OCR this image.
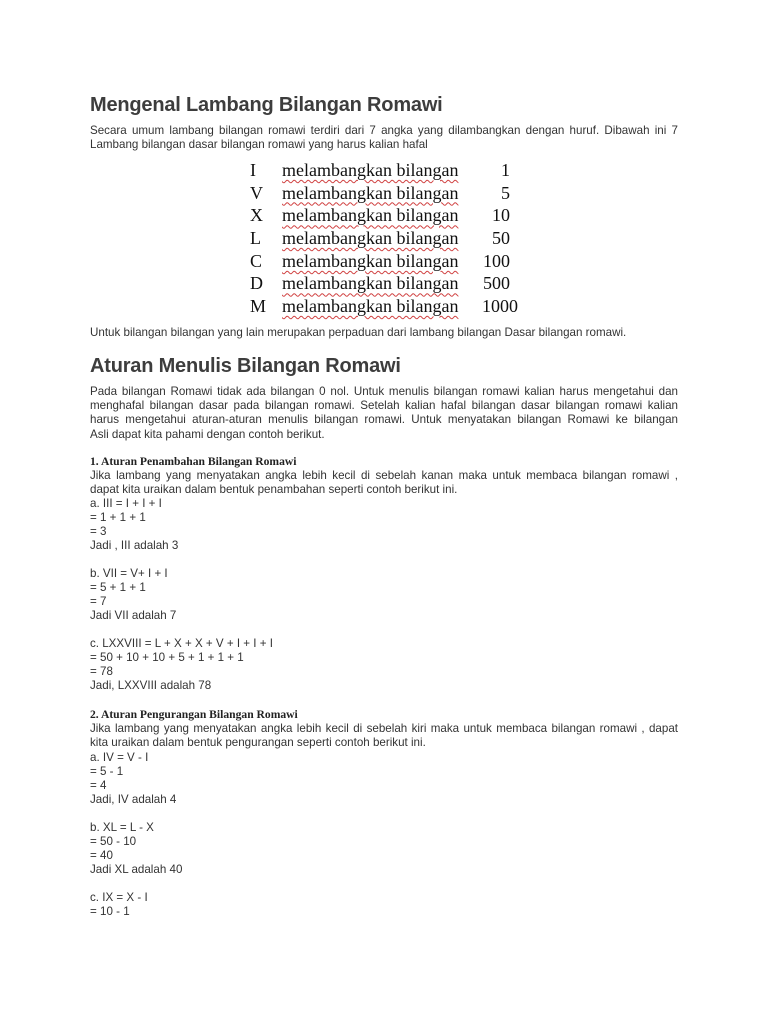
Mengenal Lambang Bilangan Romawi
Secara umum lambang bilangan romawi terdiri dari 7 angka yang dilambangkan dengan huruf. Dibawah ini 7
Lambang bilangan dasar bilangan romawi yang harus kalian hafal
I melambangkan bilangan 1
V melambangkan bilangan 5
X melambangkan bilangan 10
L melambangkan bilangan 50
C melambangkan bilangan 100
D melambangkan bilangan 500
M melambangkan bilangan 1000
Untuk bilangan bilangan yang lain merupakan perpaduan dari lambang bilangan Dasar bilangan romawi.
Aturan Menulis Bilangan Romawi
Pada bilangan Romawi tidak ada bilangan 0 nol. Untuk menulis bilangan romawi kalian harus mengetahui dan
menghafal bilangan dasar pada bilangan romawi. Setelah kalian hafal bilangan dasar bilangan romawi kalian
harus mengetahui aturan-aturan menulis bilangan romawi. Untuk menyatakan bilangan Romawi ke bilangan
Asli dapat kita pahami dengan contoh berikut.
1. Aturan Penambahan Bilangan Romawi
Jika lambang yang menyatakan angka lebih kecil di sebelah kanan maka untuk membaca bilangan romawi ,
dapat kita uraikan dalam bentuk penambahan seperti contoh berikut ini.
a. III = I + I + I
= 1 + 1 + 1
= 3
Jadi , III adalah 3
b. VII = V+ I + I
= 5 + 1 + 1
= 7
Jadi VII adalah 7
c. LXXVIII = L + X + X + V + I + I + I
= 50 + 10 + 10 + 5 + 1 + 1 + 1
= 78
Jadi, LXXVIII adalah 78
2. Aturan Pengurangan Bilangan Romawi
Jika lambang yang menyatakan angka lebih kecil di sebelah kiri maka untuk membaca bilangan romawi , dapat
kita uraikan dalam bentuk pengurangan seperti contoh berikut ini.
a. IV = V - I
= 5 - 1
= 4
Jadi, IV adalah 4
b. XL = L - X
= 50 - 10
= 40
Jadi XL adalah 40
c. IX = X - I
= 10 - 1
